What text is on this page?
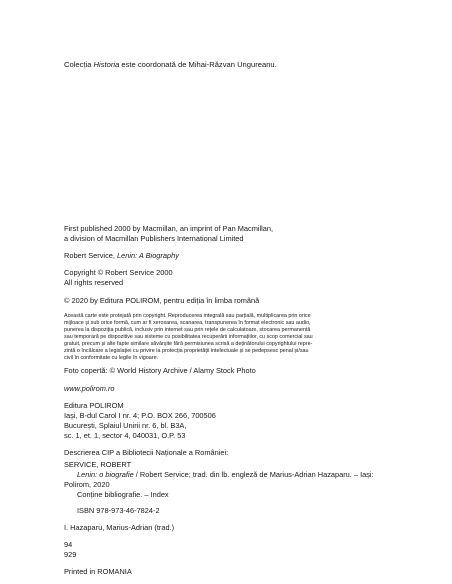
Colecția Historia este coordonată de Mihai-Răzvan Ungureanu.
First published 2000 by Macmillan, an imprint of Pan Macmillan,
a division of Macmillan Publishers International Limited
Robert Service, Lenin: A Biography
Copyright © Robert Service 2000
All rights reserved
© 2020 by Editura POLIROM, pentru ediția în limba română
Această carte este protejată prin copyright. Reproducerea integrală sau parțială, multiplicarea prin orice
mijloace și sub orice formă, cum ar fi xeroxarea, scanarea, transpunerea în format electronic sau audio,
punerea la dispoziția publică, inclusiv prin internet sau prin rețele de calculatoare, stocarea permanentă
sau temporară pe dispozitive sau sisteme cu posibilitatea recuperării informațiilor, cu scop comercial sau
gratuit, precum și alte fapte similare săvârșite fără permisiunea scrisă a deținătorului copyrightului repre-
zintă o încălcare a legislației cu privire la protecția proprietății intelectuale și se pedepsesc penal și/sau
civil în conformitate cu legile în vigoare.
Foto copertă: © World History Archive / Alamy Stock Photo
www.polirom.ro
Editura POLIROM
Iași, B-dul Carol I nr. 4; P.O. BOX 266, 700506
București, Splaiul Unirii nr. 6, bl. B3A,
sc. 1, et. 1, sector 4, 040031, O.P. 53
Descrierea CIP a Bibliotecii Naționale a României:
SERVICE, ROBERT
Lenin: o biografie / Robert Service; trad. din lb. engleză de Marius-Adrian Hazaparu. – Iași:
Polirom, 2020
Conține bibliografie. – Index
ISBN 978-973-46-7824-2
I. Hazaparu, Marius-Adrian (trad.)
94
929
Printed in ROMANIA
